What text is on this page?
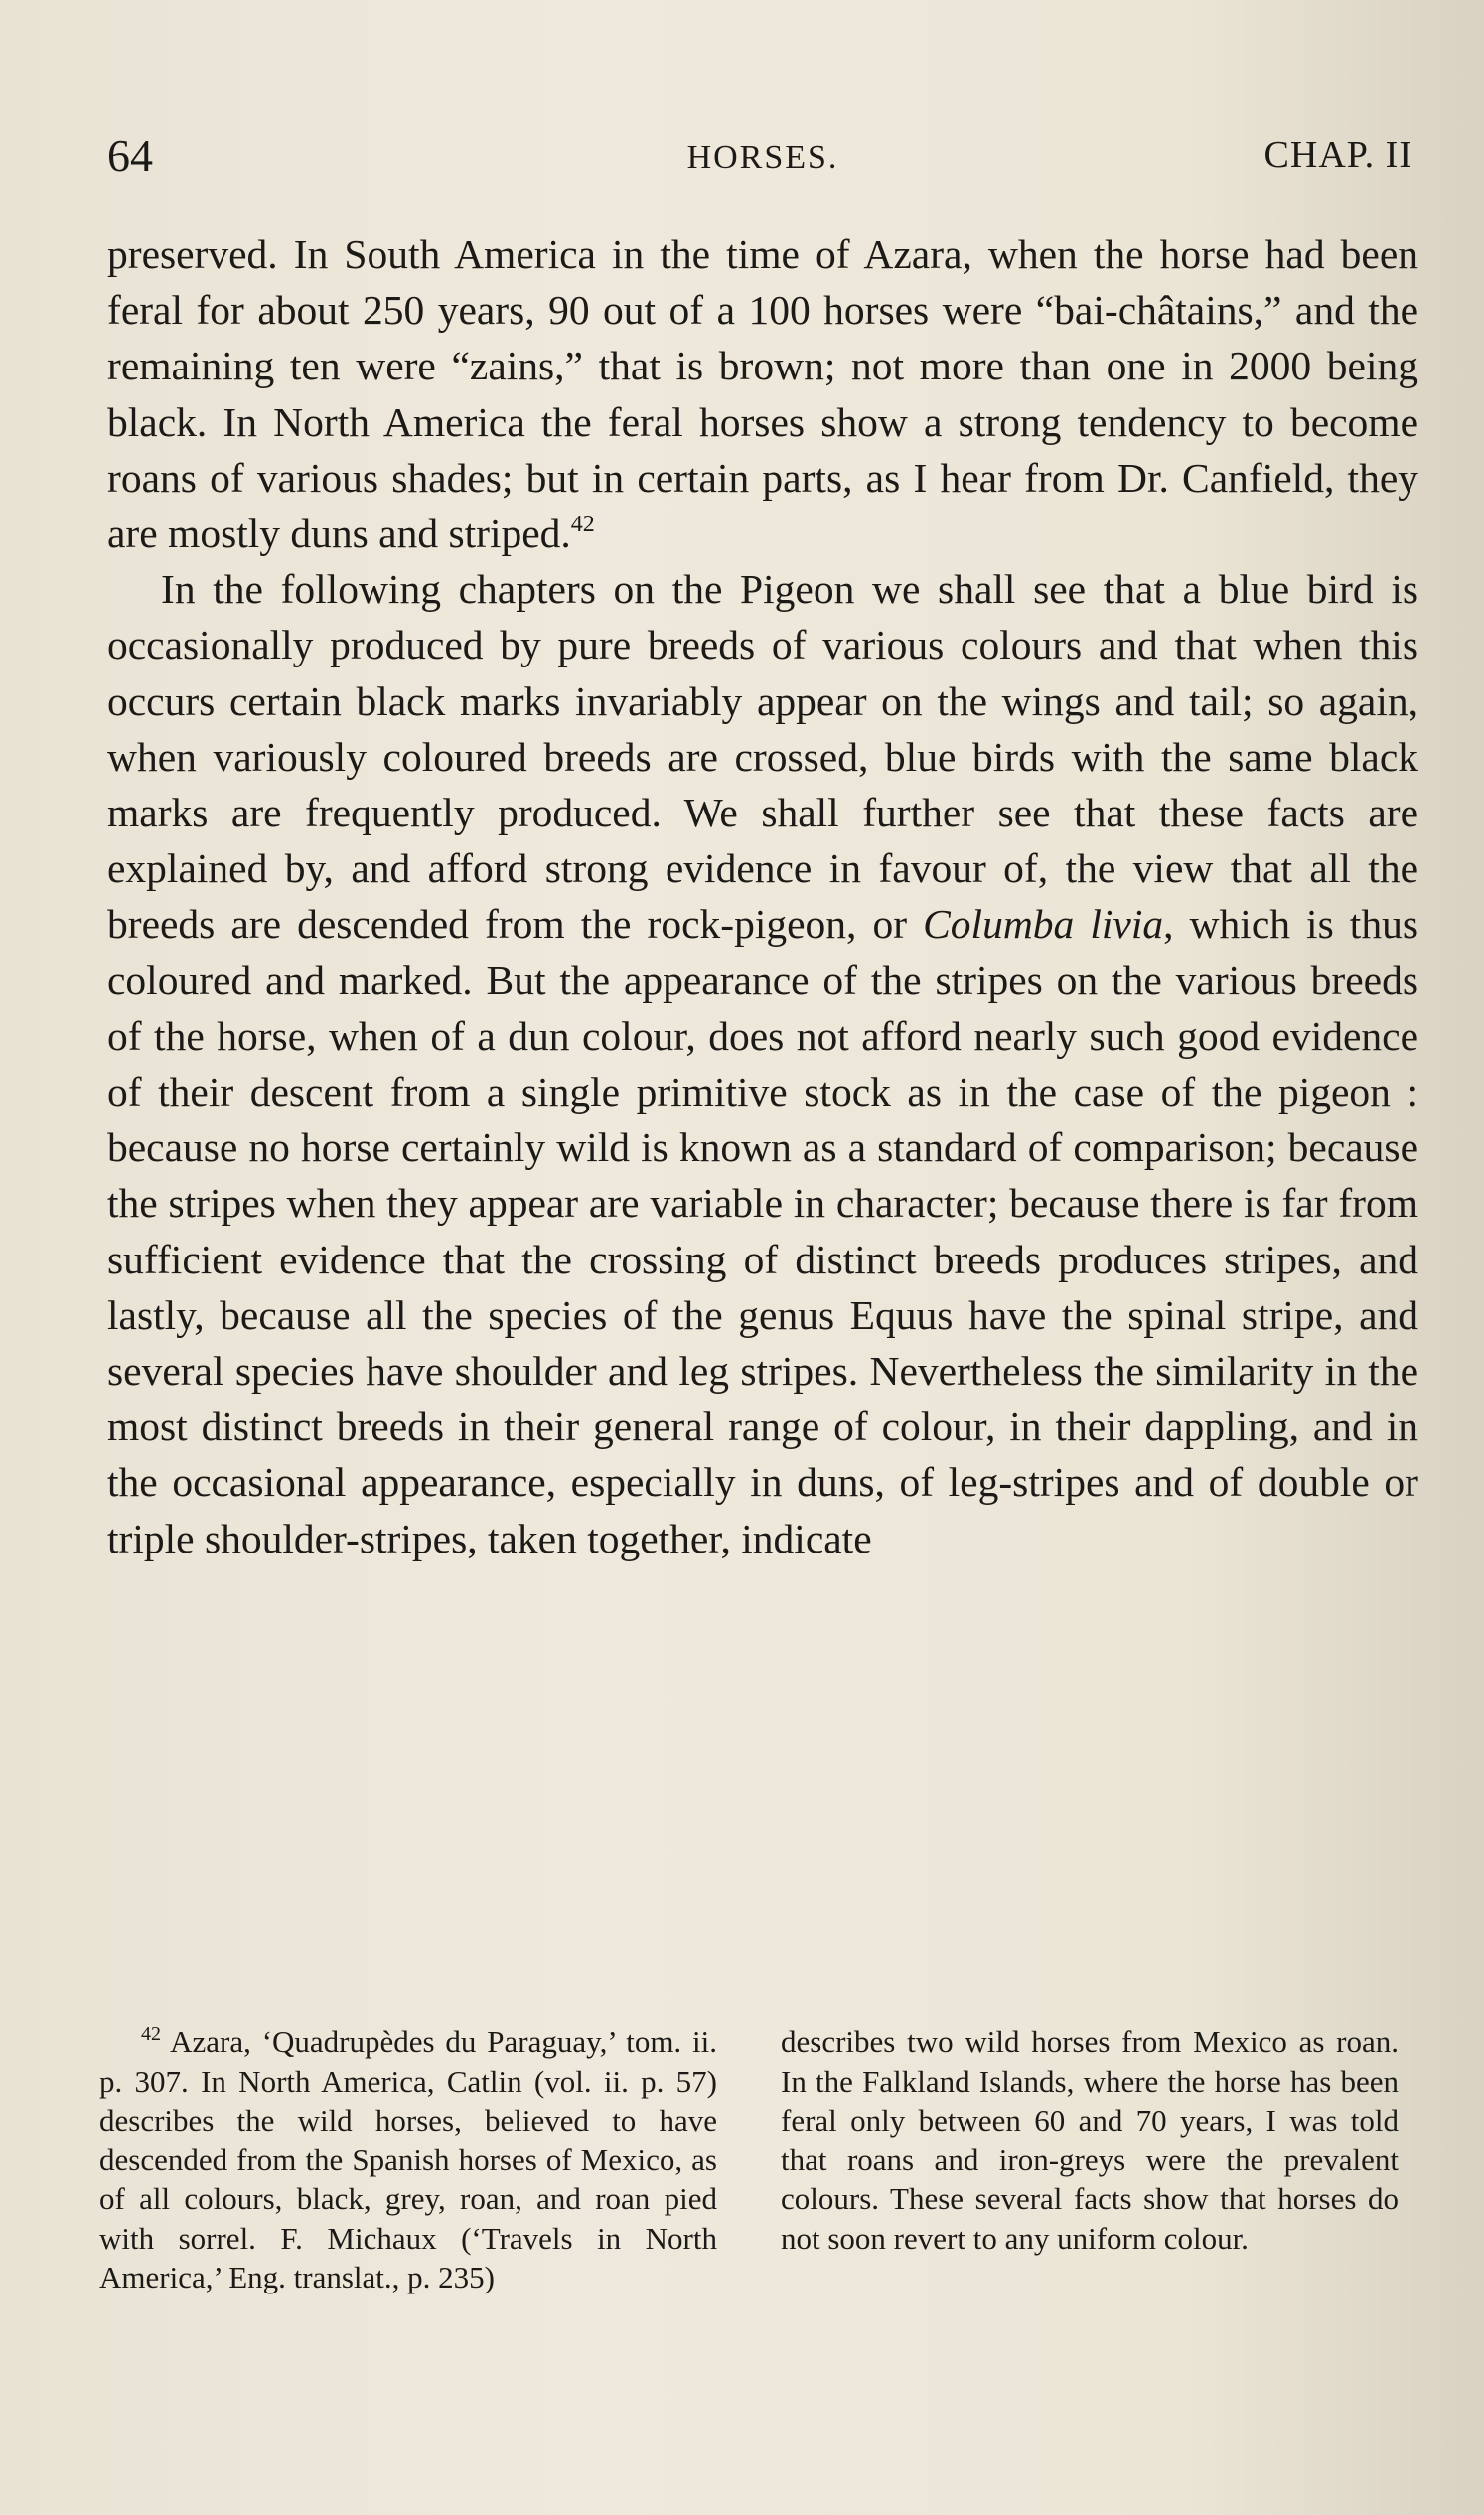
64	HORSES.	CHAP. II

preserved. In South America in the time of Azara, when the horse had been feral for about 250 years, 90 out of a 100 horses were “bai-châtains,” and the remaining ten were “zains,” that is brown; not more than one in 2000 being black. In North America the feral horses show a strong tendency to become roans of various shades; but in certain parts, as I hear from Dr. Canfield, they are mostly duns and striped.$^{42}$

In the following chapters on the Pigeon we shall see that a blue bird is occasionally produced by pure breeds of various colours and that when this occurs certain black marks invariably appear on the wings and tail; so again, when variously coloured breeds are crossed, blue birds with the same black marks are frequently produced. We shall further see that these facts are explained by, and afford strong evidence in favour of, the view that all the breeds are descended from the rock-pigeon, or Columba livia, which is thus coloured and marked. But the appearance of the stripes on the various breeds of the horse, when of a dun colour, does not afford nearly such good evidence of their descent from a single primitive stock as in the case of the pigeon : because no horse certainly wild is known as a standard of comparison; because the stripes when they appear are variable in character; because there is far from sufficient evidence that the crossing of distinct breeds produces stripes, and lastly, because all the species of the genus Equus have the spinal stripe, and several species have shoulder and leg stripes. Nevertheless the similarity in the most distinct breeds in their general range of colour, in their dappling, and in the occasional appearance, especially in duns, of leg-stripes and of double or triple shoulder-stripes, taken together, indicate

$^{42}$ Azara, ‘Quadrupèdes du Paraguay,’ tom. ii. p. 307. In North America, Catlin (vol. ii. p. 57) describes the wild horses, believed to have descended from the Spanish horses of Mexico, as of all colours, black, grey, roan, and roan pied with sorrel. F. Michaux (‘Travels in North America,’ Eng. translat., p. 235)
describes two wild horses from Mexico as roan. In the Falkland Islands, where the horse has been feral only between 60 and 70 years, I was told that roans and iron-greys were the prevalent colours. These several facts show that horses do not soon revert to any uniform colour.
